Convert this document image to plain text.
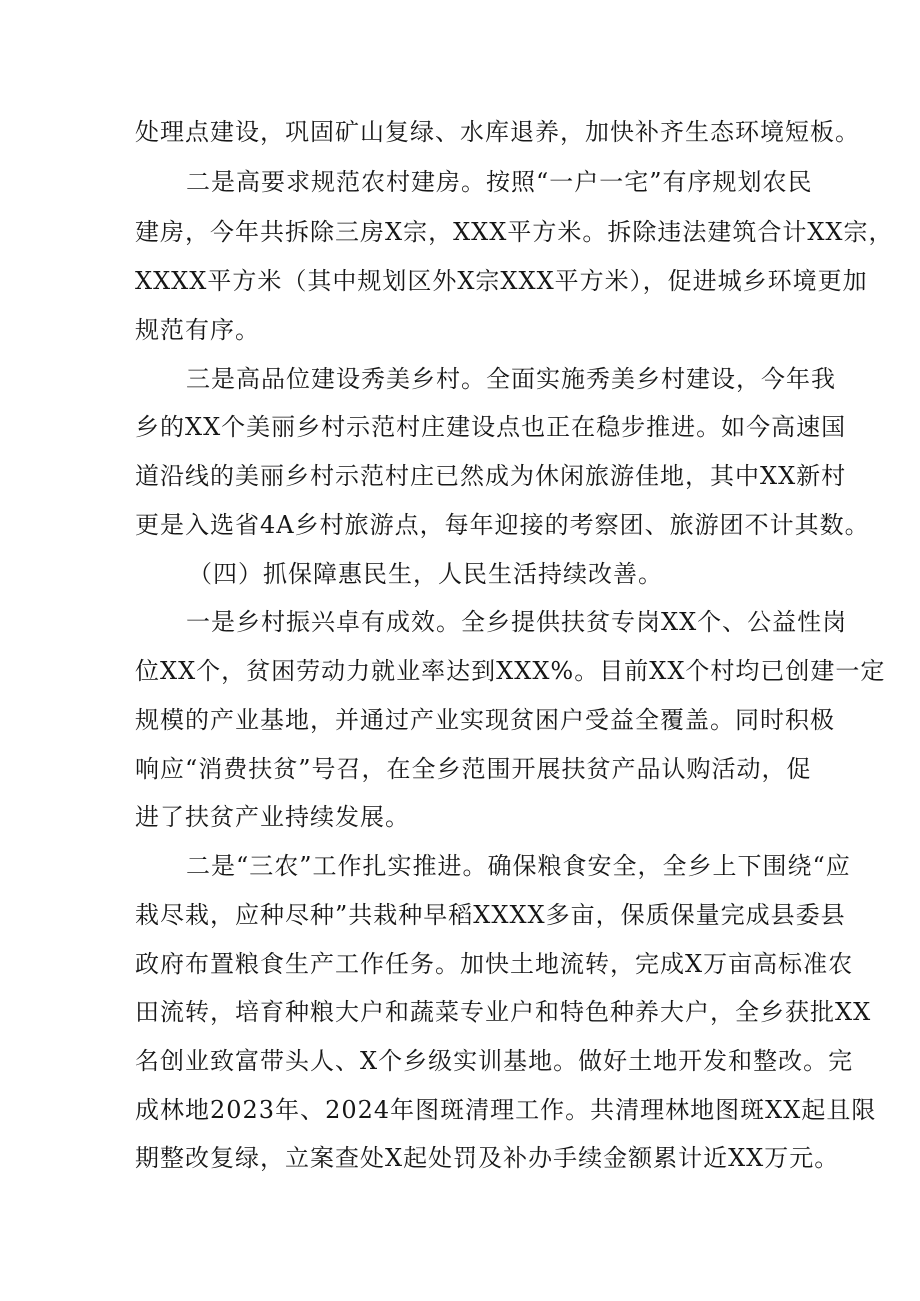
处理点建设，巩固矿山复绿、水库退养，加快补齐生态环境短板。
二是高要求规范农村建房。按照“一户一宅”有序规划农民
建房，今年共拆除三房X宗，XXX平方米。拆除违法建筑合计XX宗，
XXXX平方米（其中规划区外X宗XXX平方米），促进城乡环境更加
规范有序。
三是高品位建设秀美乡村。全面实施秀美乡村建设，今年我
乡的XX个美丽乡村示范村庄建设点也正在稳步推进。如今高速国
道沿线的美丽乡村示范村庄已然成为休闲旅游佳地，其中XX新村
更是入选省4A乡村旅游点，每年迎接的考察团、旅游团不计其数。
（四）抓保障惠民生，人民生活持续改善。
一是乡村振兴卓有成效。全乡提供扶贫专岗XX个、公益性岗
位XX个，贫困劳动力就业率达到XXX%。目前XX个村均已创建一定
规模的产业基地，并通过产业实现贫困户受益全覆盖。同时积极
响应“消费扶贫”号召，在全乡范围开展扶贫产品认购活动，促
进了扶贫产业持续发展。
二是“三农”工作扎实推进。确保粮食安全，全乡上下围绕“应
栽尽栽，应种尽种”共栽种早稻XXXX多亩，保质保量完成县委县
政府布置粮食生产工作任务。加快土地流转，完成X万亩高标准农
田流转，培育种粮大户和蔬菜专业户和特色种养大户，全乡获批XX
名创业致富带头人、X个乡级实训基地。做好土地开发和整改。完
成林地2023年、2024年图斑清理工作。共清理林地图斑XX起且限
期整改复绿，立案查处X起处罚及补办手续金额累计近XX万元。
